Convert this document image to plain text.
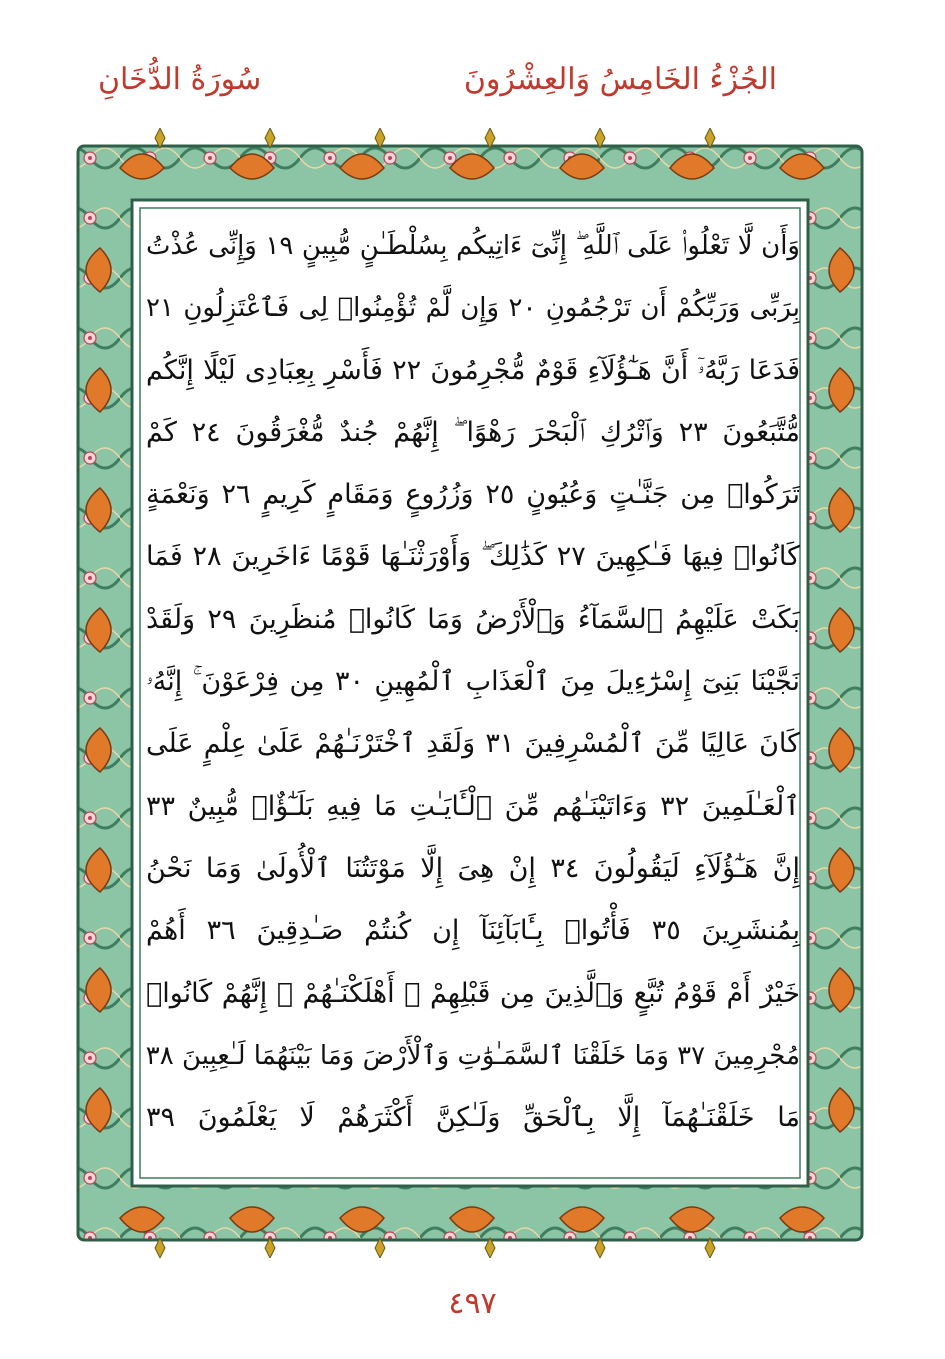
الجُزْءُ الخَامِسُ وَالعِشْرُونَ
سُورَةُ الدُّخَانِ
وَأَن لَّا تَعْلُوا۟ عَلَى ٱللَّهِ ۖ إِنِّىٓ ءَاتِيكُم بِسُلْطَـٰنٍ مُّبِينٍ ١٩ وَإِنِّى عُذْتُ
بِرَبِّى وَرَبِّكُمْ أَن تَرْجُمُونِ ٢٠ وَإِن لَّمْ تُؤْمِنُوا۟ لِى فَٱعْتَزِلُونِ ٢١
فَدَعَا رَبَّهُۥٓ أَنَّ هَـٰٓؤُلَآءِ قَوْمٌ مُّجْرِمُونَ ٢٢ فَأَسْرِ بِعِبَادِى لَيْلًا إِنَّكُم
مُّتَّبَعُونَ ٢٣ وَٱتْرُكِ ٱلْبَحْرَ رَهْوًا ۖ إِنَّهُمْ جُندٌ مُّغْرَقُونَ ٢٤ كَمْ
تَرَكُوا۟ مِن جَنَّـٰتٍ وَعُيُونٍ ٢٥ وَزُرُوعٍ وَمَقَامٍ كَرِيمٍ ٢٦ وَنَعْمَةٍ
كَانُوا۟ فِيهَا فَـٰكِهِينَ ٢٧ كَذَٰلِكَ ۖ وَأَوْرَثْنَـٰهَا قَوْمًا ءَاخَرِينَ ٢٨ فَمَا
بَكَتْ عَلَيْهِمُ ٱلسَّمَآءُ وَٱلْأَرْضُ وَمَا كَانُوا۟ مُنظَرِينَ ٢٩ وَلَقَدْ
نَجَّيْنَا بَنِىٓ إِسْرَٰٓءِيلَ مِنَ ٱلْعَذَابِ ٱلْمُهِينِ ٣٠ مِن فِرْعَوْنَ ۚ إِنَّهُۥ
كَانَ عَالِيًا مِّنَ ٱلْمُسْرِفِينَ ٣١ وَلَقَدِ ٱخْتَرْنَـٰهُمْ عَلَىٰ عِلْمٍ عَلَى
ٱلْعَـٰلَمِينَ ٣٢ وَءَاتَيْنَـٰهُم مِّنَ ٱلْـَٔايَـٰتِ مَا فِيهِ بَلَـٰٓؤٌا۟ مُّبِينٌ ٣٣
إِنَّ هَـٰٓؤُلَآءِ لَيَقُولُونَ ٣٤ إِنْ هِىَ إِلَّا مَوْتَتُنَا ٱلْأُولَىٰ وَمَا نَحْنُ
بِمُنشَرِينَ ٣٥ فَأْتُوا۟ بِـَٔابَآئِنَآ إِن كُنتُمْ صَـٰدِقِينَ ٣٦ أَهُمْ
خَيْرٌ أَمْ قَوْمُ تُبَّعٍ وَٱلَّذِينَ مِن قَبْلِهِمْ ۚ أَهْلَكْنَـٰهُمْ ۖ إِنَّهُمْ كَانُوا۟
مُجْرِمِينَ ٣٧ وَمَا خَلَقْنَا ٱلسَّمَـٰوَٰتِ وَٱلْأَرْضَ وَمَا بَيْنَهُمَا لَـٰعِبِينَ ٣٨
مَا خَلَقْنَـٰهُمَآ إِلَّا بِٱلْحَقِّ وَلَـٰكِنَّ أَكْثَرَهُمْ لَا يَعْلَمُونَ ٣٩
٤٩٧
